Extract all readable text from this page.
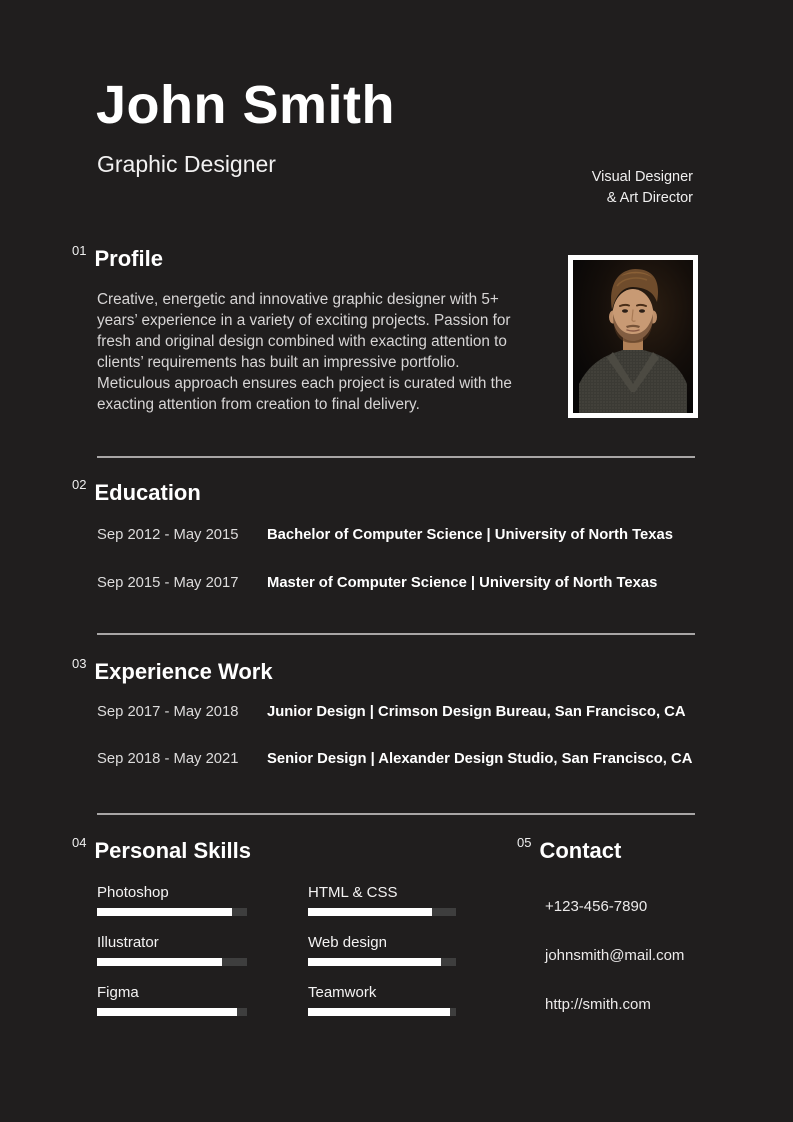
John Smith
Graphic Designer	Visual Designer
& Art Director
01 Profile
Creative, energetic and innovative graphic designer with 5+ years’ experience in a variety of exciting projects. Passion for fresh and original design combined with exacting attention to clients’ requirements has built an impressive portfolio. Meticulous approach ensures each project is curated with the exacting attention from creation to final delivery.
02 Education
Sep 2012 - May 2015	Bachelor of Computer Science | University of North Texas
Sep 2015 - May 2017	Master of Computer Science | University of North Texas
03 Experience Work
Sep 2017 - May 2018	Junior Design | Crimson Design Bureau, San Francisco, CA
Sep 2018 - May 2021	Senior Design | Alexander Design Studio, San Francisco, CA
04 Personal Skills
Photoshop	HTML & CSS
Illustrator	Web design
Figma	Teamwork
05 Contact
+123-456-7890
johnsmith@mail.com
http://smith.com
